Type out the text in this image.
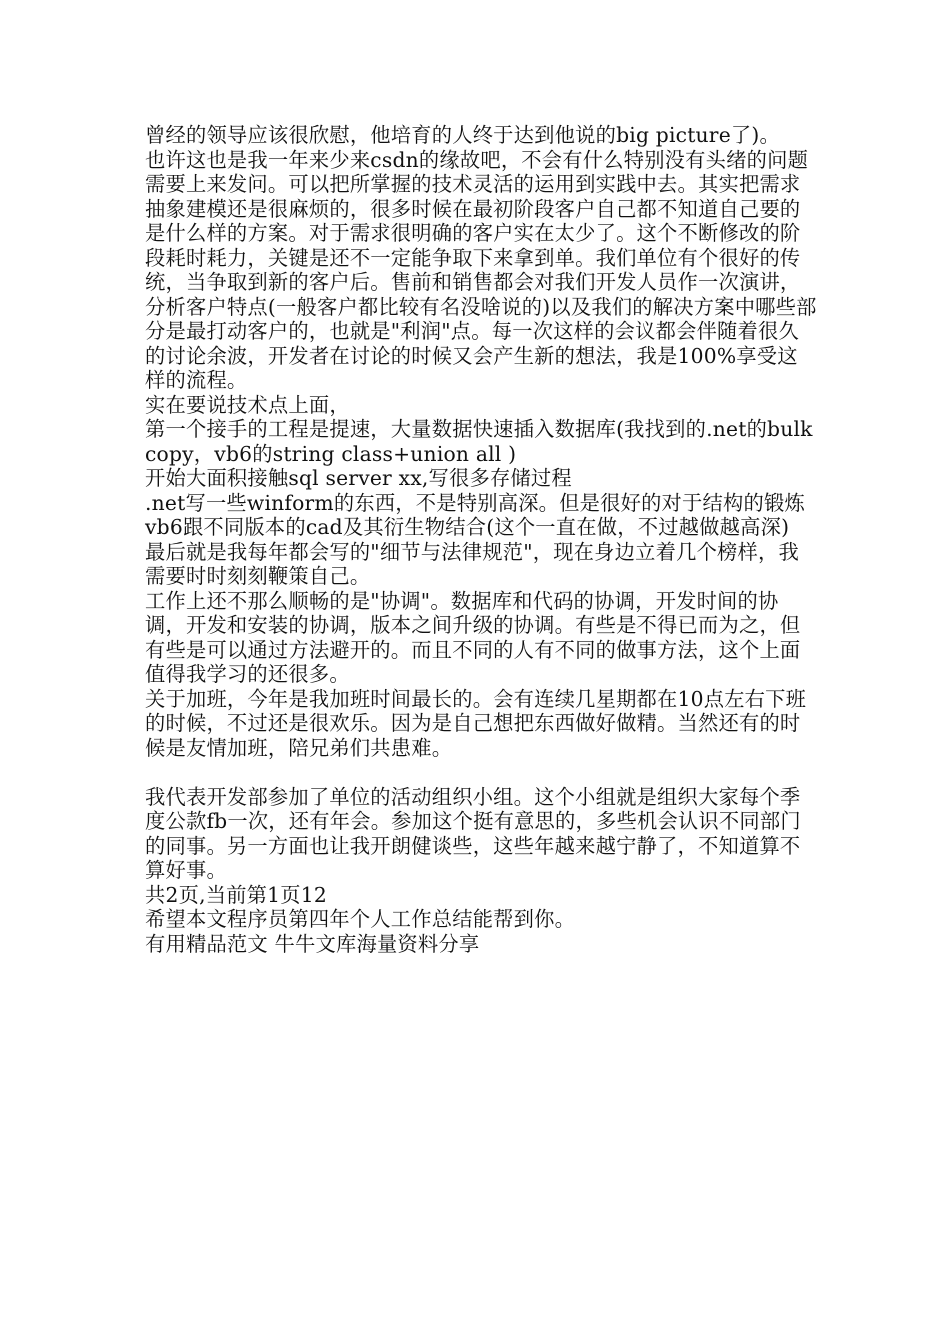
曾经的领导应该很欣慰，他培育的人终于达到他说的big picture了)。

也许这也是我一年来少来csdn的缘故吧，不会有什么特别没有头绪的问题需要上来发问。可以把所掌握的技术灵活的运用到实践中去。其实把需求抽象建模还是很麻烦的，很多时候在最初阶段客户自己都不知道自己要的是什么样的方案。对于需求很明确的客户实在太少了。这个不断修改的阶段耗时耗力，关键是还不一定能争取下来拿到单。我们单位有个很好的传统，当争取到新的客户后。售前和销售都会对我们开发人员作一次演讲，分析客户特点(一般客户都比较有名没啥说的)以及我们的解决方案中哪些部分是最打动客户的，也就是"利润"点。每一次这样的会议都会伴随着很久的讨论余波，开发者在讨论的时候又会产生新的想法，我是100%享受这样的流程。

实在要说技术点上面，

第一个接手的工程是提速，大量数据快速插入数据库(我找到的.net的bulkcopy，vb6的string class+union all )

开始大面积接触sql server xx,写很多存储过程

.net写一些winform的东西，不是特别高深。但是很好的对于结构的锻炼

vb6跟不同版本的cad及其衍生物结合(这个一直在做，不过越做越高深)

最后就是我每年都会写的"细节与法律规范"，现在身边立着几个榜样，我需要时时刻刻鞭策自己。

工作上还不那么顺畅的是"协调"。数据库和代码的协调，开发时间的协调，开发和安装的协调，版本之间升级的协调。有些是不得已而为之，但有些是可以通过方法避开的。而且不同的人有不同的做事方法，这个上面值得我学习的还很多。

关于加班，今年是我加班时间最长的。会有连续几星期都在10点左右下班的时候，不过还是很欢乐。因为是自己想把东西做好做精。当然还有的时候是友情加班，陪兄弟们共患难。

我代表开发部参加了单位的活动组织小组。这个小组就是组织大家每个季度公款fb一次，还有年会。参加这个挺有意思的，多些机会认识不同部门的同事。另一方面也让我开朗健谈些，这些年越来越宁静了，不知道算不算好事。

共2页,当前第1页12

希望本文程序员第四年个人工作总结能帮到你。

有用精品范文 牛牛文库海量资料分享
